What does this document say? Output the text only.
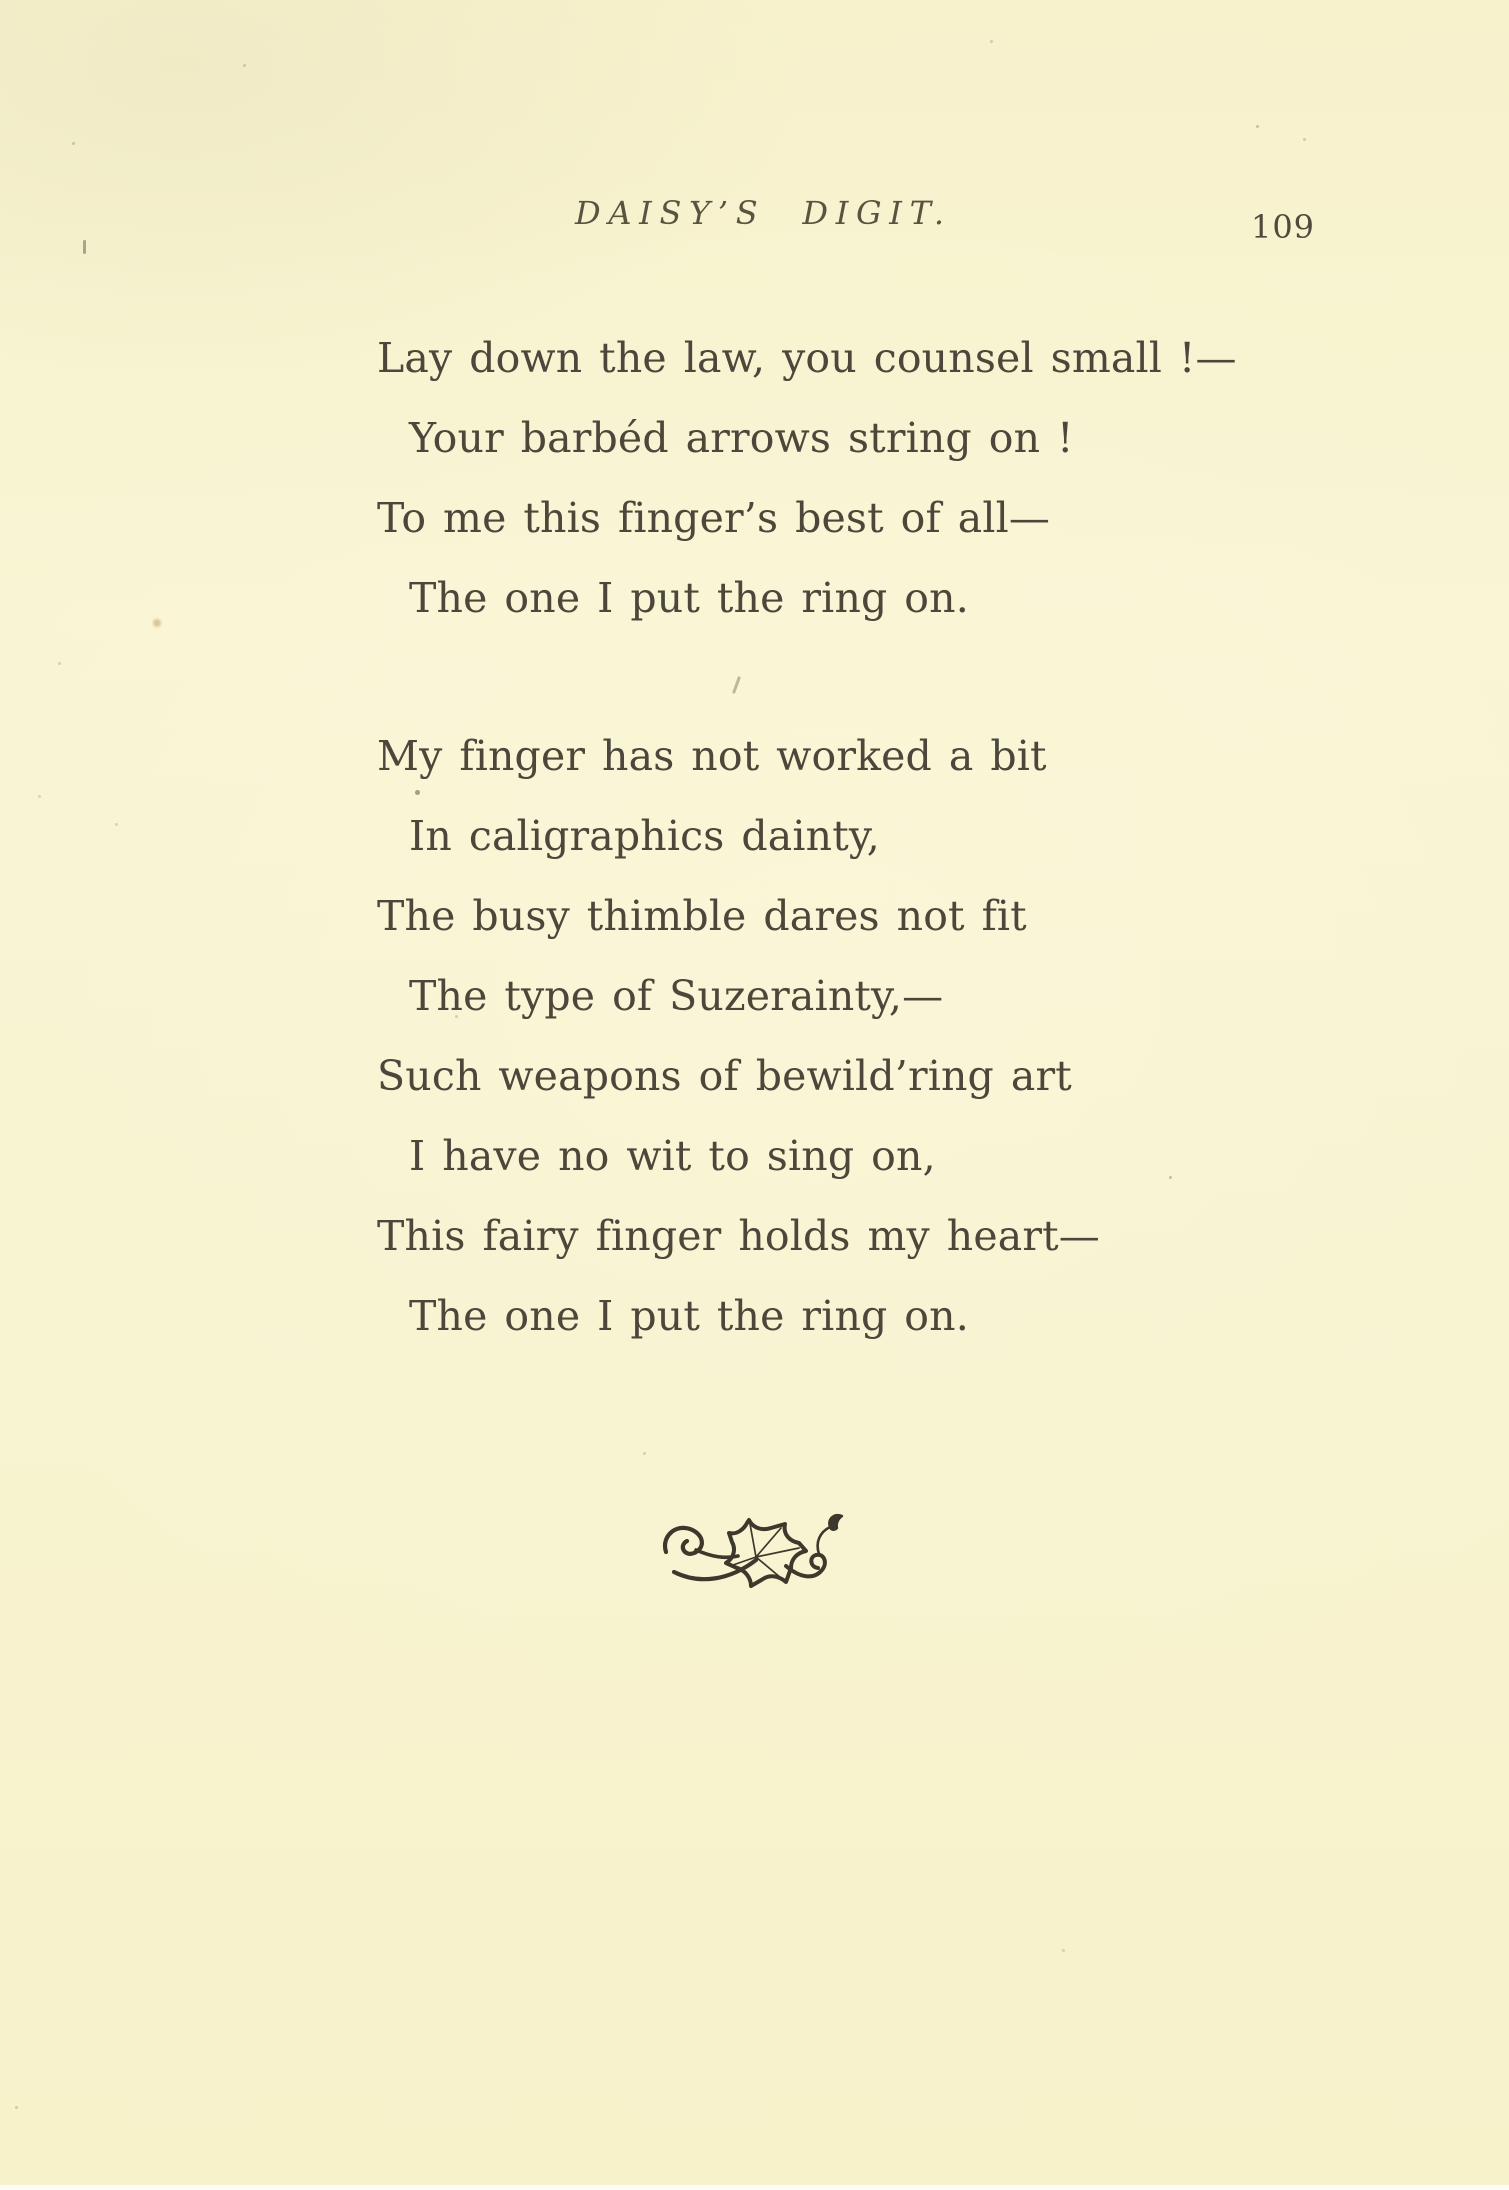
DAISY’S DIGIT.	109

Lay down the law, you counsel small !—

Your barbéd arrows string on !

To me this finger’s best of all—

The one I put the ring on.

My finger has not worked a bit

In caligraphics dainty,

The busy thimble dares not fit

The type of Suzerainty,—

Such weapons of bewild’ring art

I have no wit to sing on,

This fairy finger holds my heart—

The one I put the ring on.
